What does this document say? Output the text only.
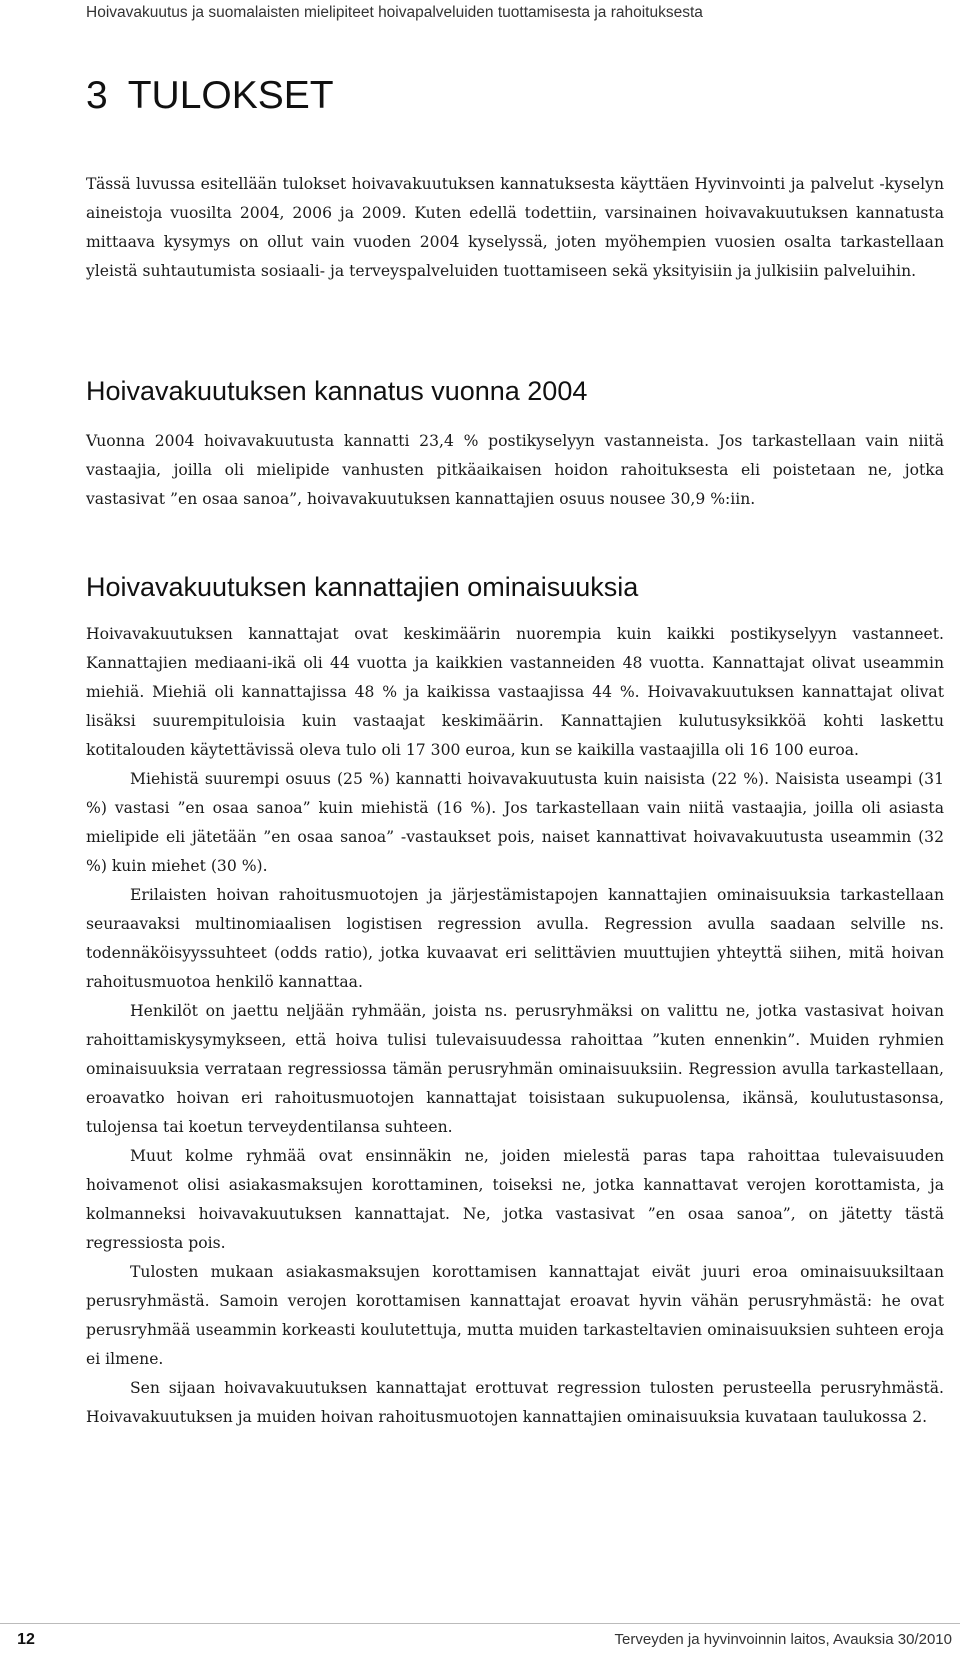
Hoivavakuutus ja suomalaisten mielipiteet hoivapalveluiden tuottamisesta ja rahoituksesta
3 TULOKSET

Tässä luvussa esitellään tulokset hoivavakuutuksen kannatuksesta käyttäen Hyvinvointi ja palvelut -kyselyn aineistoja vuosilta 2004, 2006 ja 2009. Kuten edellä todettiin, varsinainen hoivavakuutuksen kannatusta mittaava kysymys on ollut vain vuoden 2004 kyselyssä, joten myöhempien vuosien osalta tarkastellaan yleistä suhtautumista sosiaali- ja terveyspalveluiden tuottamiseen sekä yksityisiin ja julkisiin palveluihin.

Hoivavakuutuksen kannatus vuonna 2004

Vuonna 2004 hoivavakuutusta kannatti 23,4 % postikyselyyn vastanneista. Jos tarkastellaan vain niitä vastaajia, joilla oli mielipide vanhusten pitkäaikaisen hoidon rahoituksesta eli poistetaan ne, jotka vastasivat ”en osaa sanoa”, hoivavakuutuksen kannattajien osuus nousee 30,9 %:iin.

Hoivavakuutuksen kannattajien ominaisuuksia

Hoivavakuutuksen kannattajat ovat keskimäärin nuorempia kuin kaikki postikyselyyn vastanneet. Kannattajien mediaani-ikä oli 44 vuotta ja kaikkien vastanneiden 48 vuotta. Kannattajat olivat useammin miehiä. Miehiä oli kannattajissa 48 % ja kaikissa vastaajissa 44 %. Hoivavakuutuksen kannattajat olivat lisäksi suurempituloisia kuin vastaajat keskimäärin. Kannattajien kulutusyksikköä kohti laskettu kotitalouden käytettävissä oleva tulo oli 17 300 euroa, kun se kaikilla vastaajilla oli 16 100 euroa.

Miehistä suurempi osuus (25 %) kannatti hoivavakuutusta kuin naisista (22 %). Naisista useampi (31 %) vastasi ”en osaa sanoa” kuin miehistä (16 %). Jos tarkastellaan vain niitä vastaajia, joilla oli asiasta mielipide eli jätetään ”en osaa sanoa” -vastaukset pois, naiset kannattivat hoivavakuutusta useammin (32 %) kuin miehet (30 %).

Erilaisten hoivan rahoitusmuotojen ja järjestämistapojen kannattajien ominaisuuksia tarkastellaan seuraavaksi multinomiaalisen logistisen regression avulla. Regression avulla saadaan selville ns. todennäköisyyssuhteet (odds ratio), jotka kuvaavat eri selittävien muuttujien yhteyttä siihen, mitä hoivan rahoitusmuotoa henkilö kannattaa.

Henkilöt on jaettu neljään ryhmään, joista ns. perusryhmäksi on valittu ne, jotka vastasivat hoivan rahoittamiskysymykseen, että hoiva tulisi tulevaisuudessa rahoittaa ”kuten ennenkin”. Muiden ryhmien ominaisuuksia verrataan regressiossa tämän perusryhmän ominaisuuksiin. Regression avulla tarkastellaan, eroavatko hoivan eri rahoitusmuotojen kannattajat toisistaan sukupuolensa, ikänsä, koulutustasonsa, tulojensa tai koetun terveydentilansa suhteen.

Muut kolme ryhmää ovat ensinnäkin ne, joiden mielestä paras tapa rahoittaa tulevaisuuden hoivamenot olisi asiakasmaksujen korottaminen, toiseksi ne, jotka kannattavat verojen korottamista, ja kolmanneksi hoivavakuutuksen kannattajat. Ne, jotka vastasivat ”en osaa sanoa”, on jätetty tästä regressiosta pois.

Tulosten mukaan asiakasmaksujen korottamisen kannattajat eivät juuri eroa ominaisuuksiltaan perusryhmästä. Samoin verojen korottamisen kannattajat eroavat hyvin vähän perusryhmästä: he ovat perusryhmää useammin korkeasti koulutettuja, mutta muiden tarkasteltavien ominaisuuksien suhteen eroja ei ilmene.

Sen sijaan hoivavakuutuksen kannattajat erottuvat regression tulosten perusteella perusryhmästä. Hoivavakuutuksen ja muiden hoivan rahoitusmuotojen kannattajien ominaisuuksia kuvataan taulukossa 2.

12	Terveyden ja hyvinvoinnin laitos, Avauksia 30/2010
